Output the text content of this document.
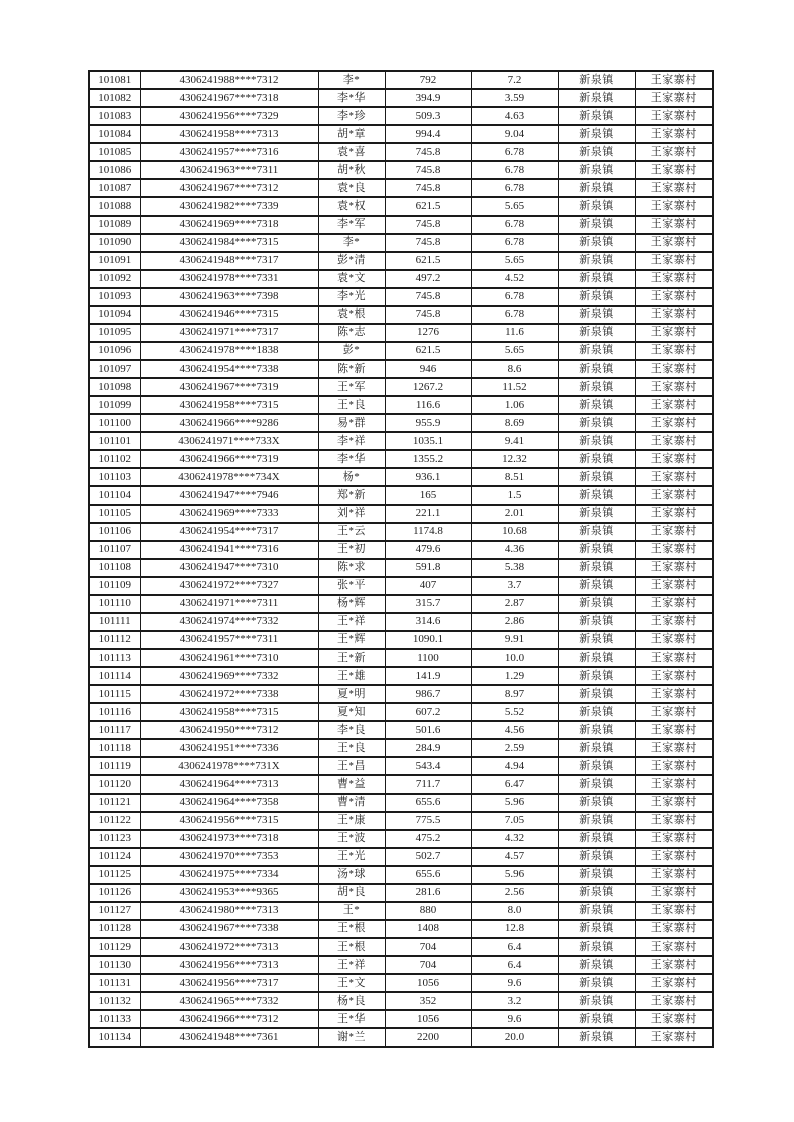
101081	4306241988****7312	李*	792	7.2	新泉镇	王家寨村
101082	4306241967****7318	李*华	394.9	3.59	新泉镇	王家寨村
101083	4306241956****7329	李*珍	509.3	4.63	新泉镇	王家寨村
101084	4306241958****7313	胡*章	994.4	9.04	新泉镇	王家寨村
101085	4306241957****7316	袁*喜	745.8	6.78	新泉镇	王家寨村
101086	4306241963****7311	胡*秋	745.8	6.78	新泉镇	王家寨村
101087	4306241967****7312	袁*良	745.8	6.78	新泉镇	王家寨村
101088	4306241982****7339	袁*权	621.5	5.65	新泉镇	王家寨村
101089	4306241969****7318	李*军	745.8	6.78	新泉镇	王家寨村
101090	4306241984****7315	李*	745.8	6.78	新泉镇	王家寨村
101091	4306241948****7317	彭*清	621.5	5.65	新泉镇	王家寨村
101092	4306241978****7331	袁*文	497.2	4.52	新泉镇	王家寨村
101093	4306241963****7398	李*光	745.8	6.78	新泉镇	王家寨村
101094	4306241946****7315	袁*根	745.8	6.78	新泉镇	王家寨村
101095	4306241971****7317	陈*志	1276	11.6	新泉镇	王家寨村
101096	4306241978****1838	彭*	621.5	5.65	新泉镇	王家寨村
101097	4306241954****7338	陈*新	946	8.6	新泉镇	王家寨村
101098	4306241967****7319	王*军	1267.2	11.52	新泉镇	王家寨村
101099	4306241958****7315	王*良	116.6	1.06	新泉镇	王家寨村
101100	4306241966****9286	易*群	955.9	8.69	新泉镇	王家寨村
101101	4306241971****733X	李*祥	1035.1	9.41	新泉镇	王家寨村
101102	4306241966****7319	李*华	1355.2	12.32	新泉镇	王家寨村
101103	4306241978****734X	杨*	936.1	8.51	新泉镇	王家寨村
101104	4306241947****7946	郑*新	165	1.5	新泉镇	王家寨村
101105	4306241969****7333	刘*祥	221.1	2.01	新泉镇	王家寨村
101106	4306241954****7317	王*云	1174.8	10.68	新泉镇	王家寨村
101107	4306241941****7316	王*初	479.6	4.36	新泉镇	王家寨村
101108	4306241947****7310	陈*求	591.8	5.38	新泉镇	王家寨村
101109	4306241972****7327	张*平	407	3.7	新泉镇	王家寨村
101110	4306241971****7311	杨*辉	315.7	2.87	新泉镇	王家寨村
101111	4306241974****7332	王*祥	314.6	2.86	新泉镇	王家寨村
101112	4306241957****7311	王*辉	1090.1	9.91	新泉镇	王家寨村
101113	4306241961****7310	王*新	1100	10.0	新泉镇	王家寨村
101114	4306241969****7332	王*雄	141.9	1.29	新泉镇	王家寨村
101115	4306241972****7338	夏*明	986.7	8.97	新泉镇	王家寨村
101116	4306241958****7315	夏*知	607.2	5.52	新泉镇	王家寨村
101117	4306241950****7312	李*良	501.6	4.56	新泉镇	王家寨村
101118	4306241951****7336	王*良	284.9	2.59	新泉镇	王家寨村
101119	4306241978****731X	王*昌	543.4	4.94	新泉镇	王家寨村
101120	4306241964****7313	曹*益	711.7	6.47	新泉镇	王家寨村
101121	4306241964****7358	曹*清	655.6	5.96	新泉镇	王家寨村
101122	4306241956****7315	王*康	775.5	7.05	新泉镇	王家寨村
101123	4306241973****7318	王*波	475.2	4.32	新泉镇	王家寨村
101124	4306241970****7353	王*光	502.7	4.57	新泉镇	王家寨村
101125	4306241975****7334	汤*球	655.6	5.96	新泉镇	王家寨村
101126	4306241953****9365	胡*良	281.6	2.56	新泉镇	王家寨村
101127	4306241980****7313	王*	880	8.0	新泉镇	王家寨村
101128	4306241967****7338	王*根	1408	12.8	新泉镇	王家寨村
101129	4306241972****7313	王*根	704	6.4	新泉镇	王家寨村
101130	4306241956****7313	王*祥	704	6.4	新泉镇	王家寨村
101131	4306241956****7317	王*文	1056	9.6	新泉镇	王家寨村
101132	4306241965****7332	杨*良	352	3.2	新泉镇	王家寨村
101133	4306241966****7312	王*华	1056	9.6	新泉镇	王家寨村
101134	4306241948****7361	谢*兰	2200	20.0	新泉镇	王家寨村
